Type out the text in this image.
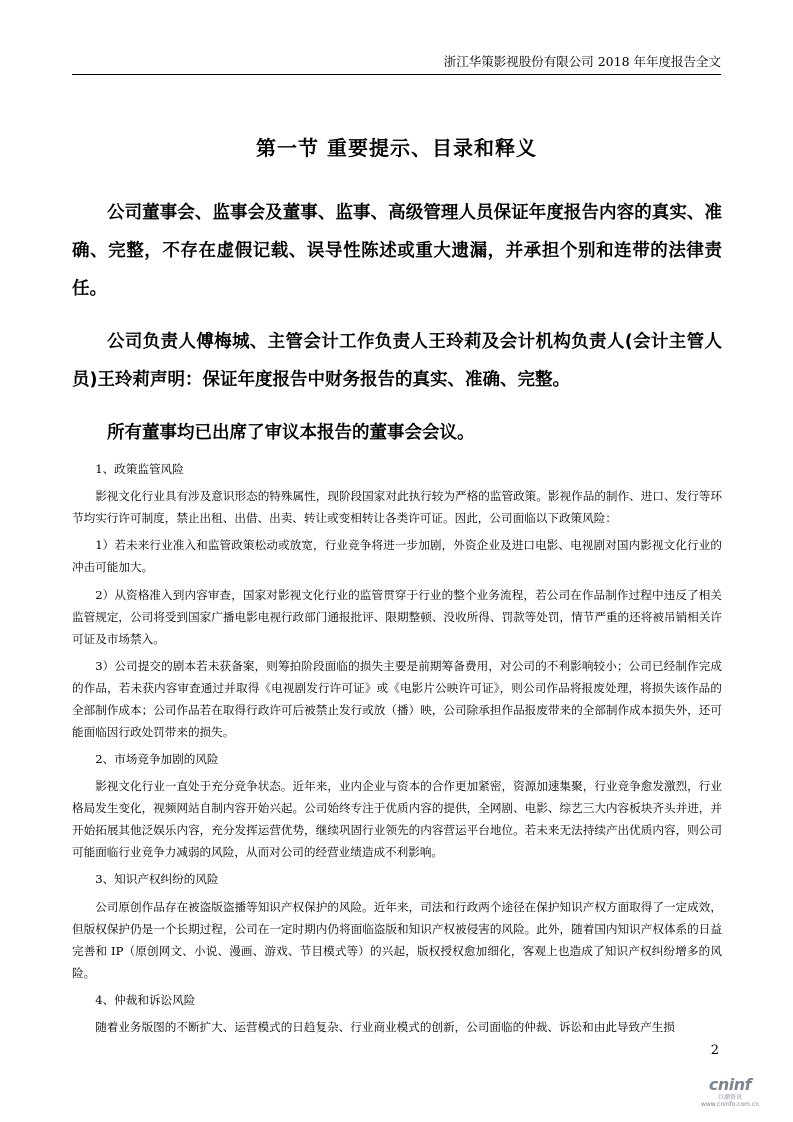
浙江华策影视股份有限公司 2018 年年度报告全文
第一节 重要提示、目录和释义
公司董事会、监事会及董事、监事、高级管理人员保证年度报告内容的真实、准确、完整，不存在虚假记载、误导性陈述或重大遗漏，并承担个别和连带的法律责任。
公司负责人傅梅城、主管会计工作负责人王玲莉及会计机构负责人(会计主管人员)王玲莉声明：保证年度报告中财务报告的真实、准确、完整。
所有董事均已出席了审议本报告的董事会会议。

1、政策监管风险

影视文化行业具有涉及意识形态的特殊属性，现阶段国家对此执行较为严格的监管政策。影视作品的制作、进口、发行等环节均实行许可制度，禁止出租、出借、出卖、转让或变相转让各类许可证。因此，公司面临以下政策风险：

1）若未来行业准入和监管政策松动或放宽，行业竞争将进一步加剧，外资企业及进口电影、电视剧对国内影视文化行业的冲击可能加大。

2）从资格准入到内容审查，国家对影视文化行业的监管贯穿于行业的整个业务流程，若公司在作品制作过程中违反了相关监管规定，公司将受到国家广播电影电视行政部门通报批评、限期整顿、没收所得、罚款等处罚，情节严重的还将被吊销相关许可证及市场禁入。

3）公司提交的剧本若未获备案，则筹拍阶段面临的损失主要是前期筹备费用，对公司的不利影响较小；公司已经制作完成的作品，若未获内容审查通过并取得《电视剧发行许可证》或《电影片公映许可证》，则公司作品将报废处理，将损失该作品的全部制作成本；公司作品若在取得行政许可后被禁止发行或放（播）映，公司除承担作品报废带来的全部制作成本损失外，还可能面临因行政处罚带来的损失。

2、市场竞争加剧的风险

影视文化行业一直处于充分竞争状态。近年来，业内企业与资本的合作更加紧密，资源加速集聚，行业竞争愈发激烈，行业格局发生变化，视频网站自制内容开始兴起。公司始终专注于优质内容的提供，全网剧、电影、综艺三大内容板块齐头并进，并开始拓展其他泛娱乐内容，充分发挥运营优势，继续巩固行业领先的内容营运平台地位。若未来无法持续产出优质内容，则公司可能面临行业竞争力减弱的风险，从而对公司的经营业绩造成不利影响。

3、知识产权纠纷的风险

公司原创作品存在被盗版盗播等知识产权保护的风险。近年来，司法和行政两个途径在保护知识产权方面取得了一定成效，但版权保护仍是一个长期过程，公司在一定时期内仍将面临盗版和知识产权被侵害的风险。此外，随着国内知识产权体系的日益完善和 IP（原创网文、小说、漫画、游戏、节目模式等）的兴起，版权授权愈加细化，客观上也造成了知识产权纠纷增多的风险。

4、仲裁和诉讼风险

随着业务版图的不断扩大、运营模式的日趋复杂、行业商业模式的创新，公司面临的仲裁、诉讼和由此导致产生损

2
cninf
巨潮资讯
www.cninfo.com.cn
